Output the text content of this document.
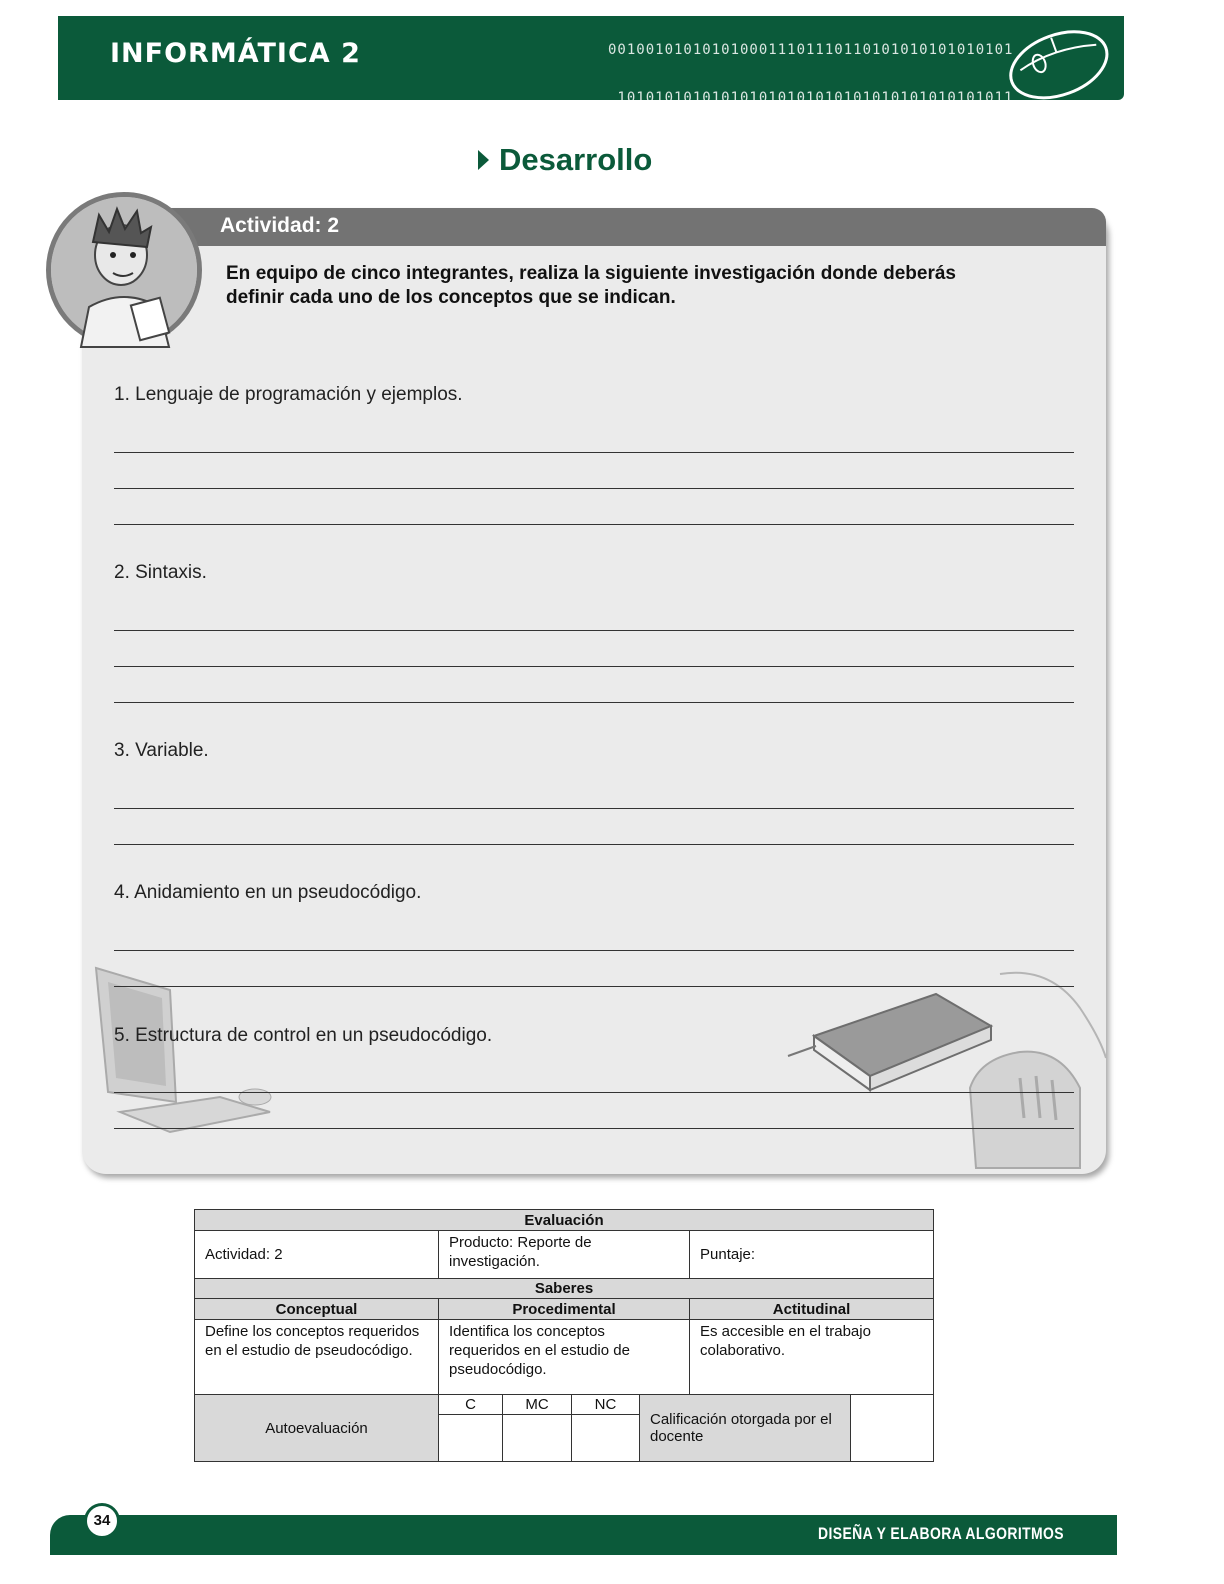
0010010101010100011101110110101010101010101

101010101010101010101010101010101010101011

00100101010101010001110111011010101010101011

10101010101010101010101010101010101010101

INFORMÁTICA 2
Desarrollo
Actividad: 2
En equipo de cinco integrantes, realiza la siguiente investigación donde deberás definir cada uno de los conceptos que se indican.
1. Lenguaje de programación y ejemplos.
2. Sintaxis.
3. Variable.
4. Anidamiento en un pseudocódigo.
5. Estructura de control en un pseudocódigo.
Evaluación						
Actividad: 2	Producto: Reporte de investigación.				Puntaje:	
Saberes						
Conceptual	Procedimental				Actitudinal	
Define los conceptos requeridos en el estudio de pseudocódigo.	Identifica los conceptos requeridos en el estudio de pseudocódigo.				Es accesible en el trabajo colaborativo.	
Autoevaluación	C	MC	NC	Calificación otorgada por el docente		

34
DISEÑA Y ELABORA ALGORITMOS
